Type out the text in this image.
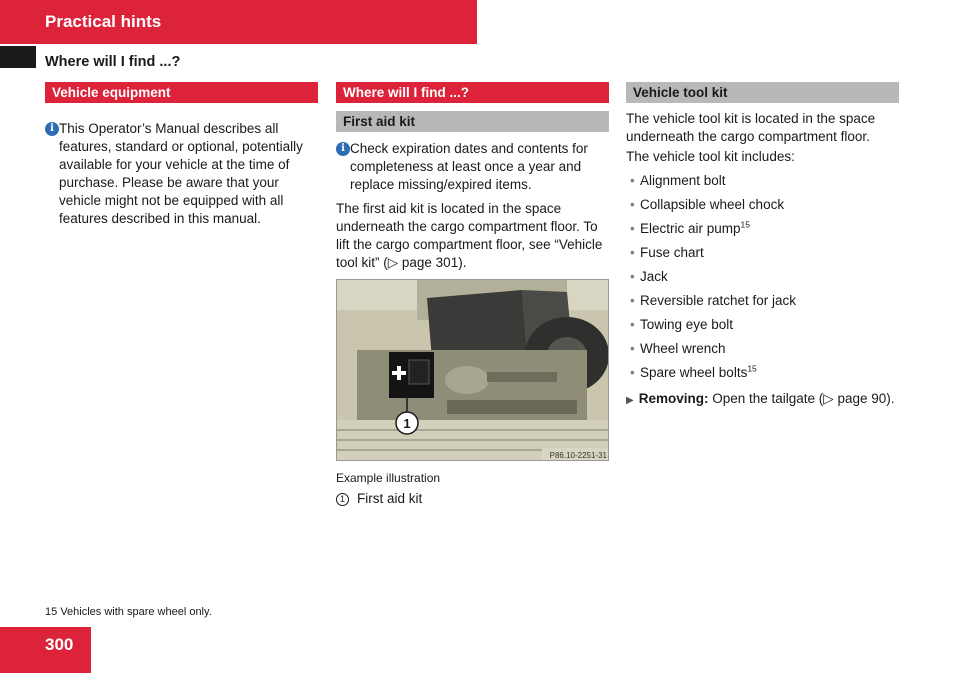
Practical hints
Where will I find ...?
Vehicle equipment
i This Operator’s Manual describes all features, standard or optional, potentially available for your vehicle at the time of purchase. Please be aware that your vehicle might not be equipped with all features described in this manual.

Where will I find ...?
First aid kit
i Check expiration dates and contents for completeness at least once a year and replace missing/expired items.

The first aid kit is located in the space underneath the cargo compartment floor. To lift the cargo compartment floor, see “Vehicle tool kit” (▷ page 301).

1
P86.10-2251-31
Example illustration
1 First aid kit
Vehicle tool kit

The vehicle tool kit is located in the space underneath the cargo compartment floor.

The vehicle tool kit includes:

• Alignment bolt
• Collapsible wheel chock
• Electric air pump$^{15}$
• Fuse chart
• Jack
• Reversible ratchet for jack
• Towing eye bolt
• Wheel wrench
• Spare wheel bolts$^{15}$

▶ Removing: Open the tailgate (▷ page 90).

15 Vehicles with spare wheel only.
300
